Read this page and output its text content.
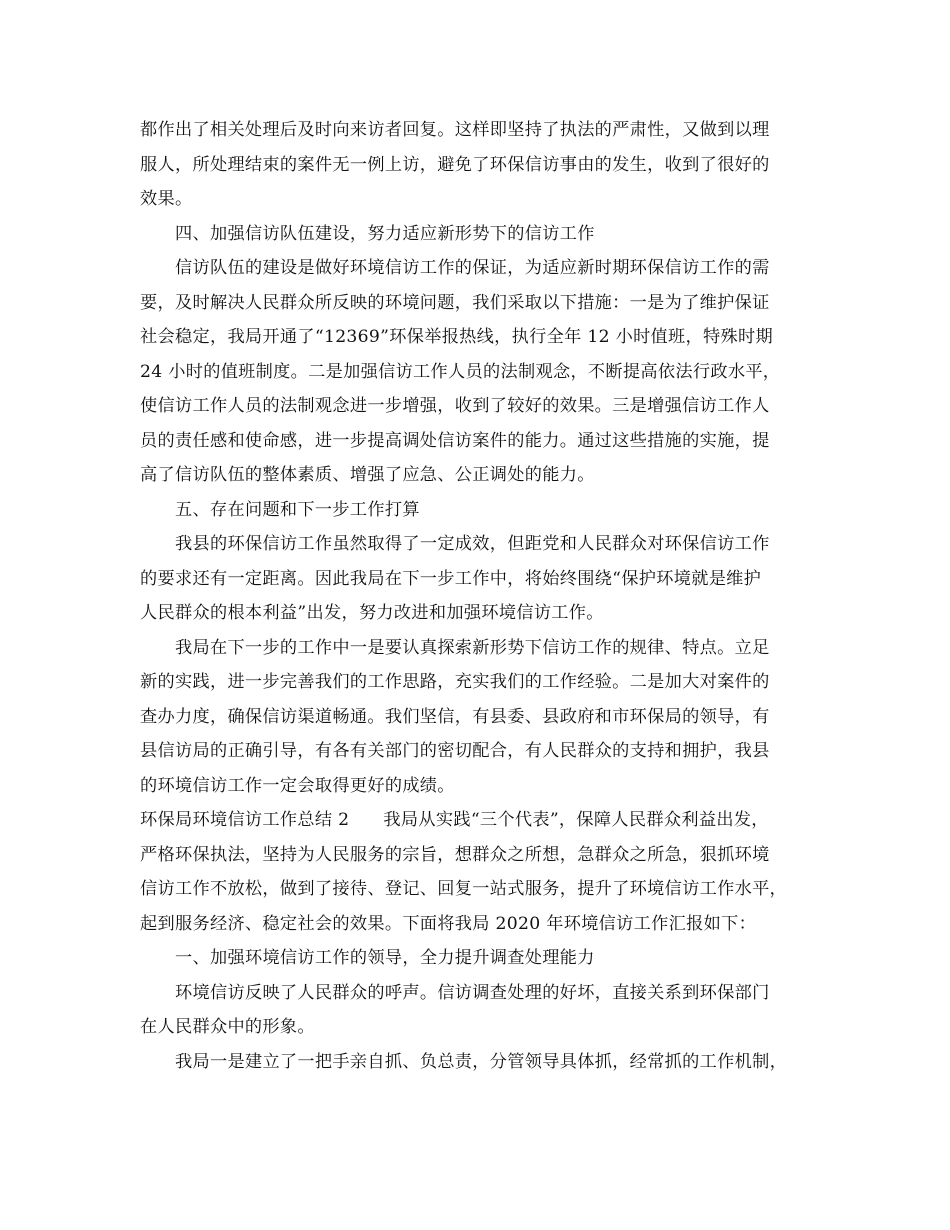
都作出了相关处理后及时向来访者回复。这样即坚持了执法的严肃性，又做到以理
服人，所处理结束的案件无一例上访，避免了环保信访事由的发生，收到了很好的
效果。
四、加强信访队伍建设，努力适应新形势下的信访工作
信访队伍的建设是做好环境信访工作的保证，为适应新时期环保信访工作的需
要，及时解决人民群众所反映的环境问题，我们采取以下措施：一是为了维护保证
社会稳定，我局开通了“12369”环保举报热线，执行全年 12 小时值班，特殊时期
24 小时的值班制度。二是加强信访工作人员的法制观念，不断提高依法行政水平，
使信访工作人员的法制观念进一步增强，收到了较好的效果。三是增强信访工作人
员的责任感和使命感，进一步提高调处信访案件的能力。通过这些措施的实施，提
高了信访队伍的整体素质、增强了应急、公正调处的能力。
五、存在问题和下一步工作打算
我县的环保信访工作虽然取得了一定成效，但距党和人民群众对环保信访工作
的要求还有一定距离。因此我局在下一步工作中，将始终围绕“保护环境就是维护
人民群众的根本利益”出发，努力改进和加强环境信访工作。
我局在下一步的工作中一是要认真探索新形势下信访工作的规律、特点。立足
新的实践，进一步完善我们的工作思路，充实我们的工作经验。二是加大对案件的
查办力度，确保信访渠道畅通。我们坚信，有县委、县政府和市环保局的领导，有
县信访局的正确引导，有各有关部门的密切配合，有人民群众的支持和拥护，我县
的环境信访工作一定会取得更好的成绩。
环保局环境信访工作总结 2 我局从实践“三个代表”，保障人民群众利益出发，
严格环保执法，坚持为人民服务的宗旨，想群众之所想，急群众之所急，狠抓环境
信访工作不放松，做到了接待、登记、回复一站式服务，提升了环境信访工作水平，
起到服务经济、稳定社会的效果。下面将我局 2020 年环境信访工作汇报如下：
一、加强环境信访工作的领导，全力提升调查处理能力
环境信访反映了人民群众的呼声。信访调查处理的好坏，直接关系到环保部门
在人民群众中的形象。
我局一是建立了一把手亲自抓、负总责，分管领导具体抓，经常抓的工作机制，
